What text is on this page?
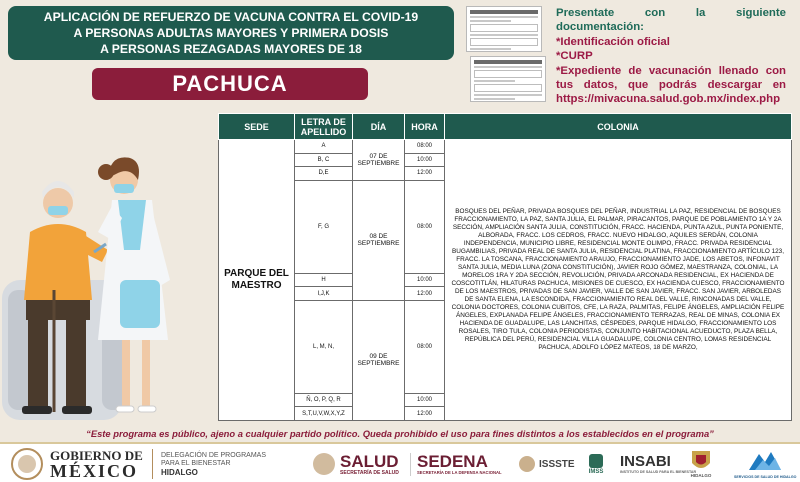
APLICACIÓN DE REFUERZO DE VACUNA CONTRA EL COVID-19
A PERSONAS ADULTAS MAYORES Y PRIMERA DOSIS
A PERSONAS REZAGADAS MAYORES DE 18
PACHUCA
Presentate con la siguiente documentación:
*Identificación oficial
*CURP
*Expediente de vacunación llenado con tus datos, que podrás descargar en https://mivacuna.salud.gob.mx/index.php
SEDE	LETRA DE APELLIDO	DÍA	HORA	COLONIA
PARQUE DEL MAESTRO	A	07 DE SEPTIEMBRE	08:00	BOSQUES DEL PEÑAR, PRIVADA BOSQUES DEL PEÑAR, INDUSTRIAL LA PAZ, RESIDENCIAL DE BOSQUES FRACCIONAMIENTO, LA PAZ, SANTA JULIA, EL PALMAR, PIRACANTOS, PARQUE DE POBLAMIENTO 1A Y 2A SECCIÓN, AMPLIACIÓN SANTA JULIA, CONSTITUCIÓN, FRACC. HACIENDA, PUNTA AZUL, PUNTA PONIENTE, ALBORADA, FRACC. LOS CEDROS, FRACC. NUEVO HIDALGO, AQUILES SERDÁN, COLONIA INDEPENDENCIA, MUNICIPIO LIBRE, RESIDENCIAL MONTE OLIMPO, FRACC. PRIVADA RESIDENCIAL BUGAMBILIAS, PRIVADA REAL DE SANTA JULIA, RESIDENCIAL PLATINA, FRACCIONAMIENTO ARTÍCULO 123, FRACC. LA TOSCANA, FRACCIONAMIENTO ARAUJO, FRACCIONAMIENTO JADE, LOS ABETOS, INFONAVIT SANTA JULIA, MEDIA LUNA (ZONA CONSTITUCIÓN), JAVIER ROJO GÓMEZ, MAESTRANZA, COLONIAL, LA MORELOS 1RA Y 2DA SECCIÓN, REVOLUCIÓN, PRIVADA ARCONADA RESIDENCIAL, EX HACIENDA DE COSCOTITLÁN, HILATURAS PACHUCA, MISIONES DE CUESCO, EX HACIENDA CUESCO, FRACCIONAMIENTO DE LOS MAESTROS, PRIVADAS DE SAN JAVIER, VALLE DE SAN JAVIER, FRACC. SAN JAVIER, ARBOLEDAS DE SANTA ELENA, LA ESCONDIDA, FRACCIONAMIENTO REAL DEL VALLE, RINCONADAS DEL VALLE, COLONIA DOCTORES, COLONIA CUBITOS, CFE, LA RAZA, PALMITAS, FELIPE ÁNGELES, AMPLIACIÓN FELIPE ÁNGELES, EXPLANADA FELIPE ÁNGELES, FRACCIONAMIENTO TERRAZAS, REAL DE MINAS, COLONIA EX HACIENDA DE GUADALUPE, LAS LANCHITAS, CÉSPEDES, PARQUE HIDALGO, FRACCIONAMIENTO LOS ROSALES, TIRO TULA, COLONIA PERIODISTAS, CONJUNTO HABITACIONAL ACUEDUCTO, PLAZA BELLA, REPÚBLICA DEL PERÚ, RESIDENCIAL VILLA GUADALUPE, COLONIA CENTRO, LOMAS RESIDENCIAL PACHUCA, ADOLFO LÓPEZ MATEOS, 18 DE MARZO,
	B, C		10:00	
	D,E		12:00	
	F, G	08 DE SEPTIEMBRE	08:00	
	H		10:00	
	I,J,K		12:00	
	L, M, N,	09 DE SEPTIEMBRE	08:00	
	Ñ, O, P, Q, R		10:00	
	S,T,U,V,W,X,Y,Z		12:00	
“Este programa es público, ajeno a cualquier partido político. Queda prohibido el uso para fines distintos a los establecidos en el programa”
GOBIERNO DE
MÉXICO
DELEGACIÓN DE PROGRAMAS
PARA EL BIENESTAR
HIDALGO
SALUD
SECRETARÍA DE SALUD
SEDENA
SECRETARÍA DE LA DEFENSA NACIONAL
ISSSTE
IMSS
INSABI
INSTITUTO DE SALUD PARA EL BIENESTAR
HIDALGO	SERVICIOS DE SALUD DE HIDALGO
